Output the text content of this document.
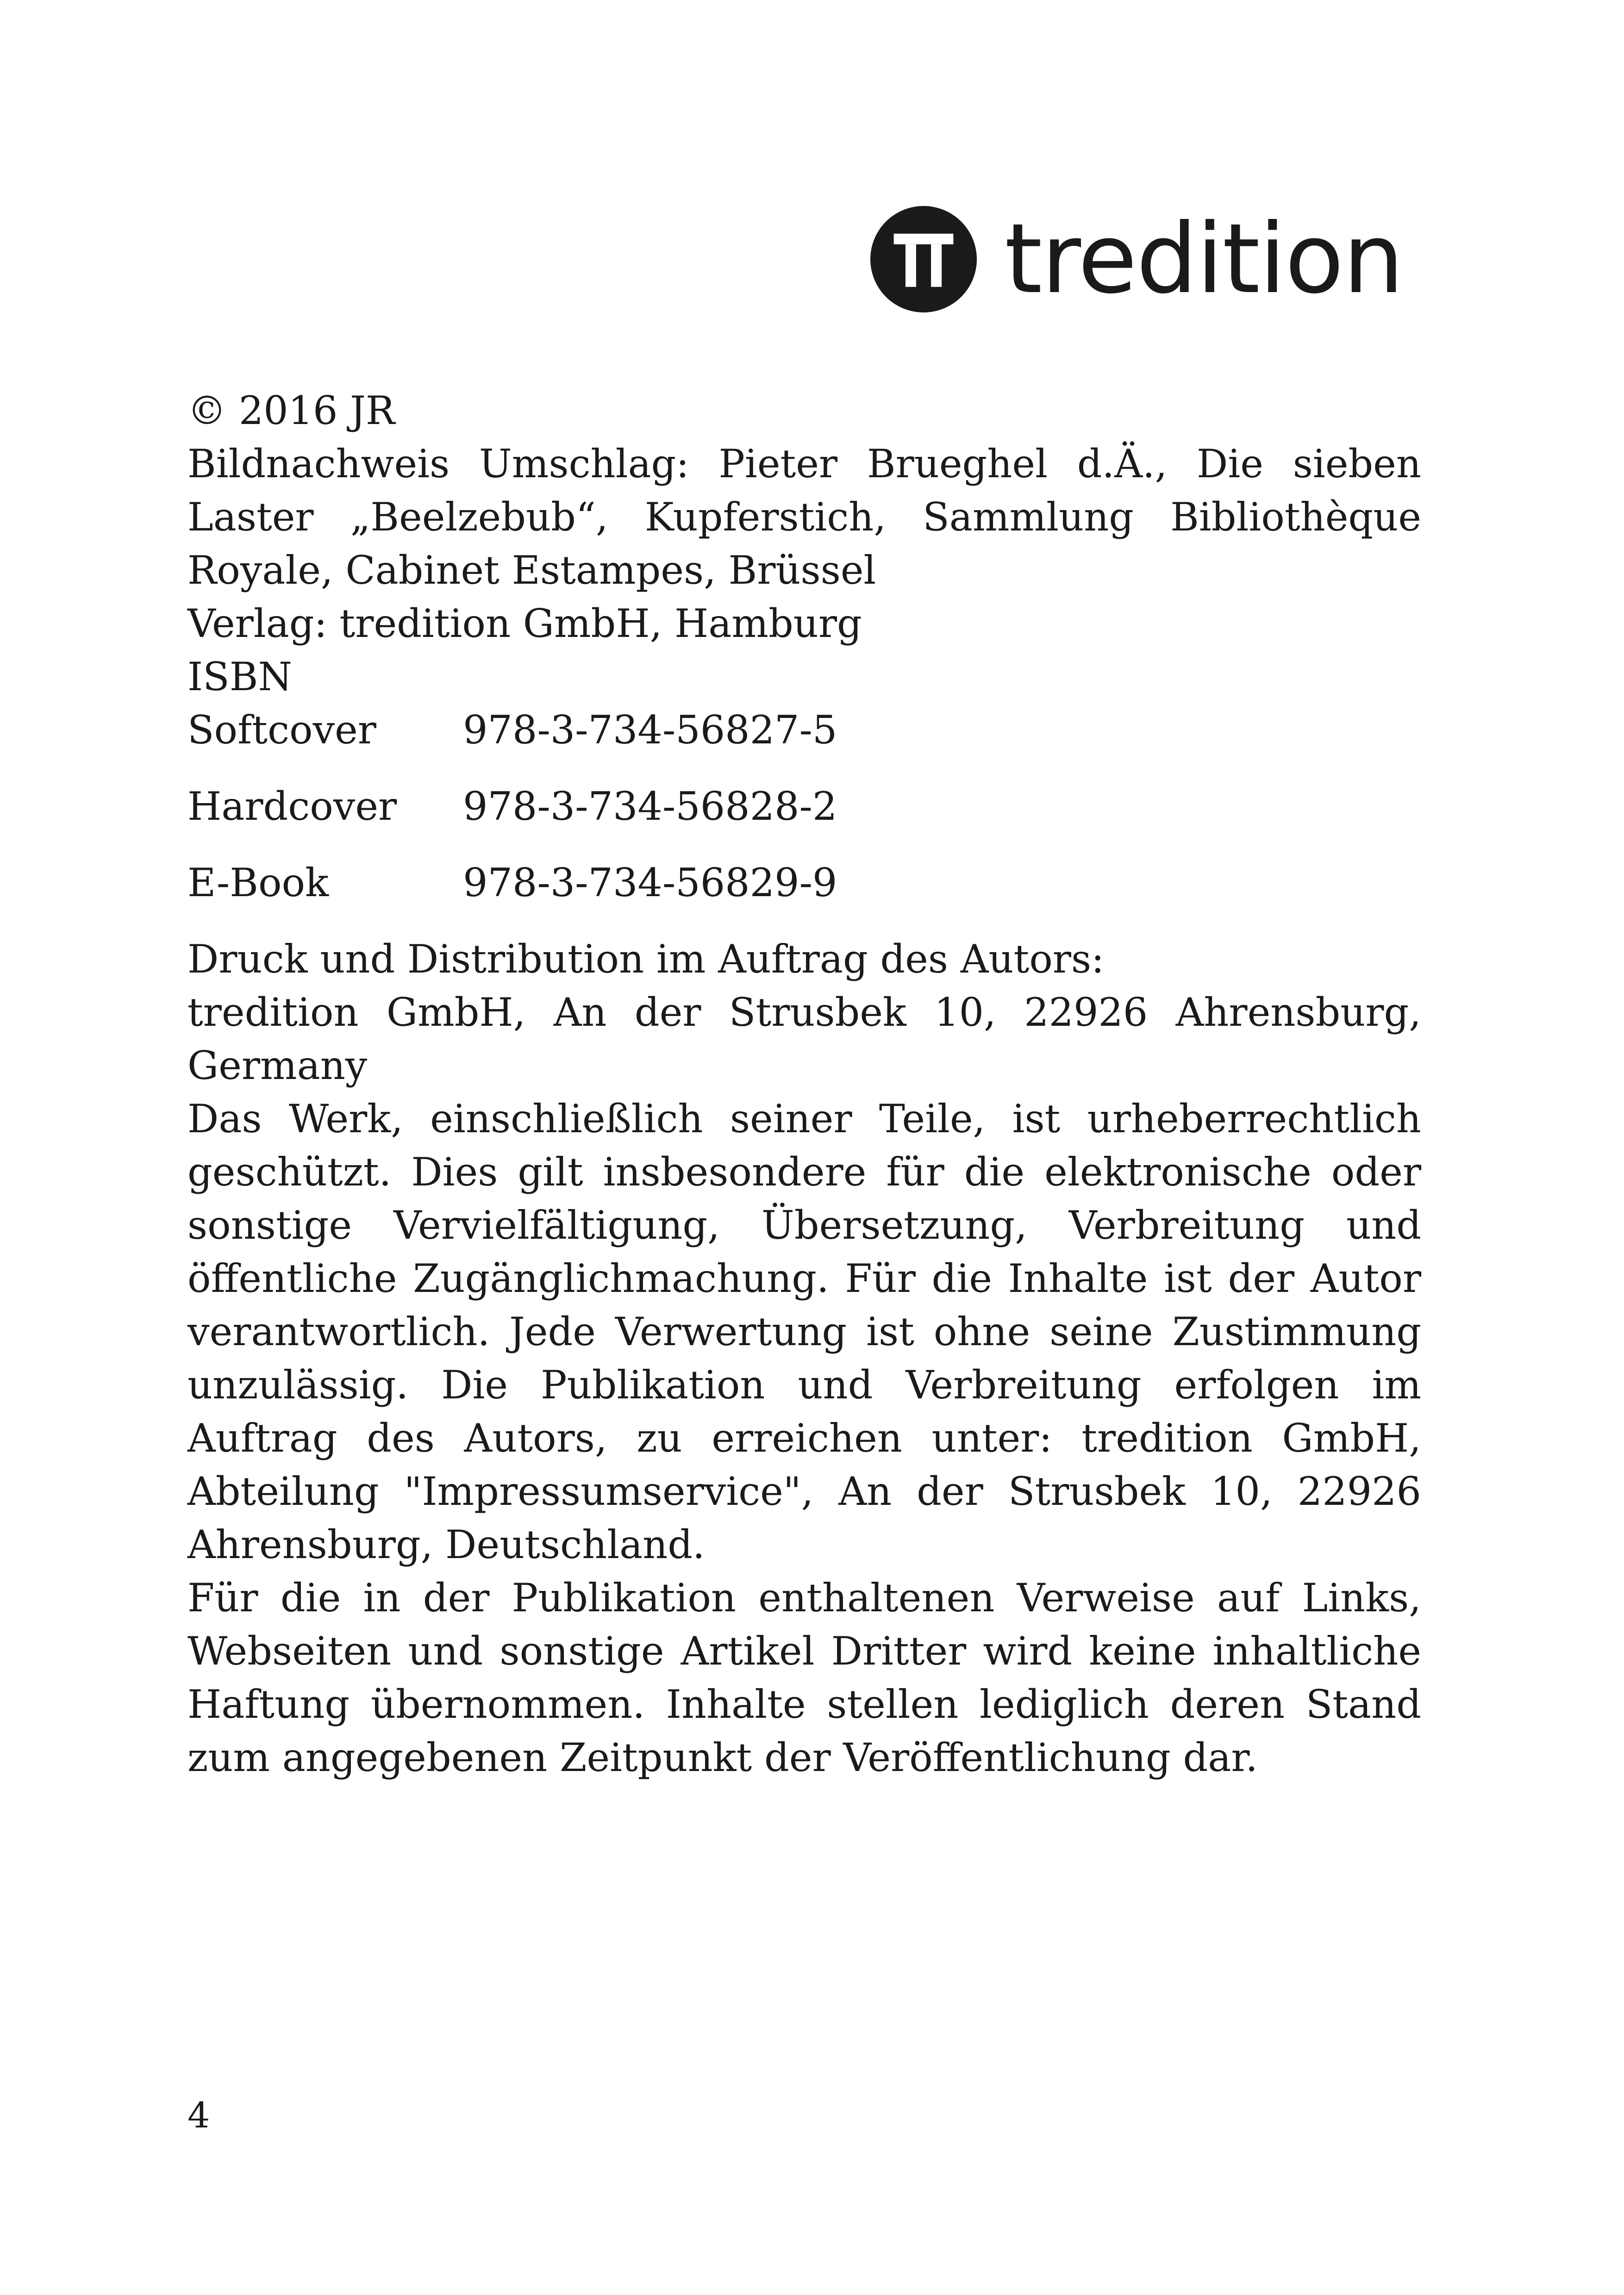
tredition

© 2016 JR

Bildnachweis Umschlag: Pieter Brueghel d.Ä., Die sieben Laster „Beelzebub“, Kupferstich, Sammlung Bibliothèque Royale, Cabinet Estampes, Brüssel

Verlag: tredition GmbH, Hamburg

ISBN

Softcover	978-3-734-56827-5
Hardcover	978-3-734-56828-2
E-Book	978-3-734-56829-9

Druck und Distribution im Auftrag des Autors:

tredition GmbH, An der Strusbek 10, 22926 Ahrensburg, Germany

Das Werk, einschließlich seiner Teile, ist urheberrechtlich geschützt. Dies gilt insbesondere für die elektronische oder sonstige Vervielfältigung, Übersetzung, Verbreitung und öffentliche Zugänglichmachung. Für die Inhalte ist der Autor verantwortlich. Jede Verwertung ist ohne seine Zustimmung unzulässig. Die Publikation und Verbreitung erfolgen im Auftrag des Autors, zu erreichen unter: tredition GmbH, Abteilung "Impressumservice", An der Strusbek 10, 22926 Ahrensburg, Deutschland.

Für die in der Publikation enthaltenen Verweise auf Links, Webseiten und sonstige Artikel Dritter wird keine inhaltliche Haftung übernommen. Inhalte stellen lediglich deren Stand zum angegebenen Zeitpunkt der Veröffentlichung dar.

4
